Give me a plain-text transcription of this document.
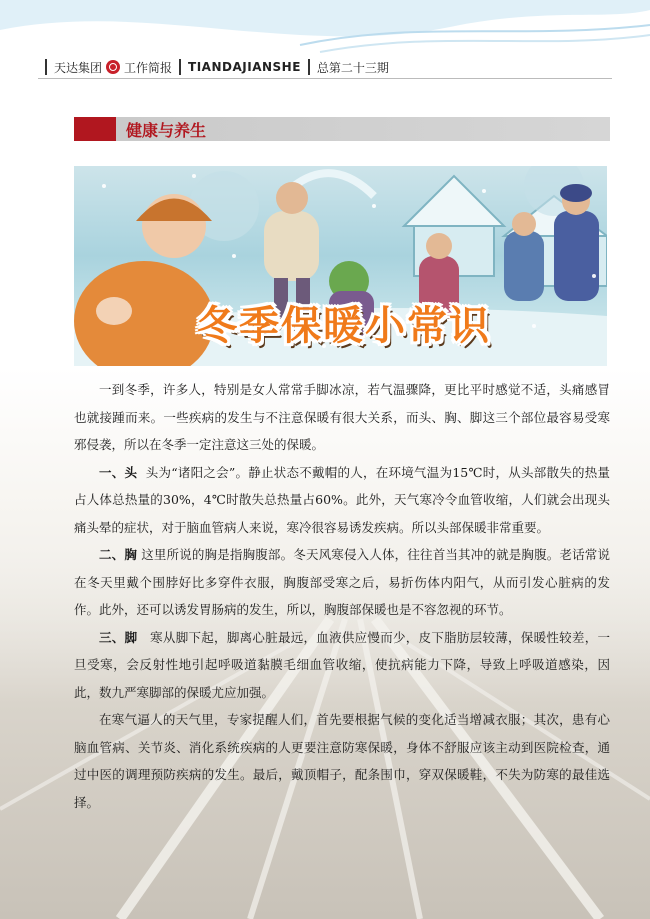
天达集团 工作简报 TIANDAJIANSHE 总第二十三期
健康与养生
冬季保暖小常识

一到冬季，许多人，特别是女人常常手脚冰凉，若气温骤降，更比平时感觉不适，头痛感冒也就接踵而来。一些疾病的发生与不注意保暖有很大关系，而头、胸、脚这三个部位最容易受寒邪侵袭，所以在冬季一定注意这三处的保暖。

一、头 头为“诸阳之会”。静止状态不戴帽的人，在环境气温为15℃时，从头部散失的热量占人体总热量的30%，4℃时散失总热量占60%。此外，天气寒冷令血管收缩，人们就会出现头痛头晕的症状，对于脑血管病人来说，寒冷很容易诱发疾病。所以头部保暖非常重要。

二、胸 这里所说的胸是指胸腹部。冬天风寒侵入人体，往往首当其冲的就是胸腹。老话常说在冬天里戴个围脖好比多穿件衣服，胸腹部受寒之后，易折伤体内阳气，从而引发心脏病的发作。此外，还可以诱发胃肠病的发生，所以，胸腹部保暖也是不容忽视的环节。

三、脚 寒从脚下起，脚离心脏最远，血液供应慢而少，皮下脂肪层较薄，保暖性较差，一旦受寒，会反射性地引起呼吸道黏膜毛细血管收缩，使抗病能力下降，导致上呼吸道感染，因此，数九严寒脚部的保暖尤应加强。

在寒气逼人的天气里，专家提醒人们，首先要根据气候的变化适当增减衣服；其次，患有心脑血管病、关节炎、消化系统疾病的人更要注意防寒保暖，身体不舒服应该主动到医院检查，通过中医的调理预防疾病的发生。最后，戴顶帽子，配条围巾，穿双保暖鞋，不失为防寒的最佳选择。
